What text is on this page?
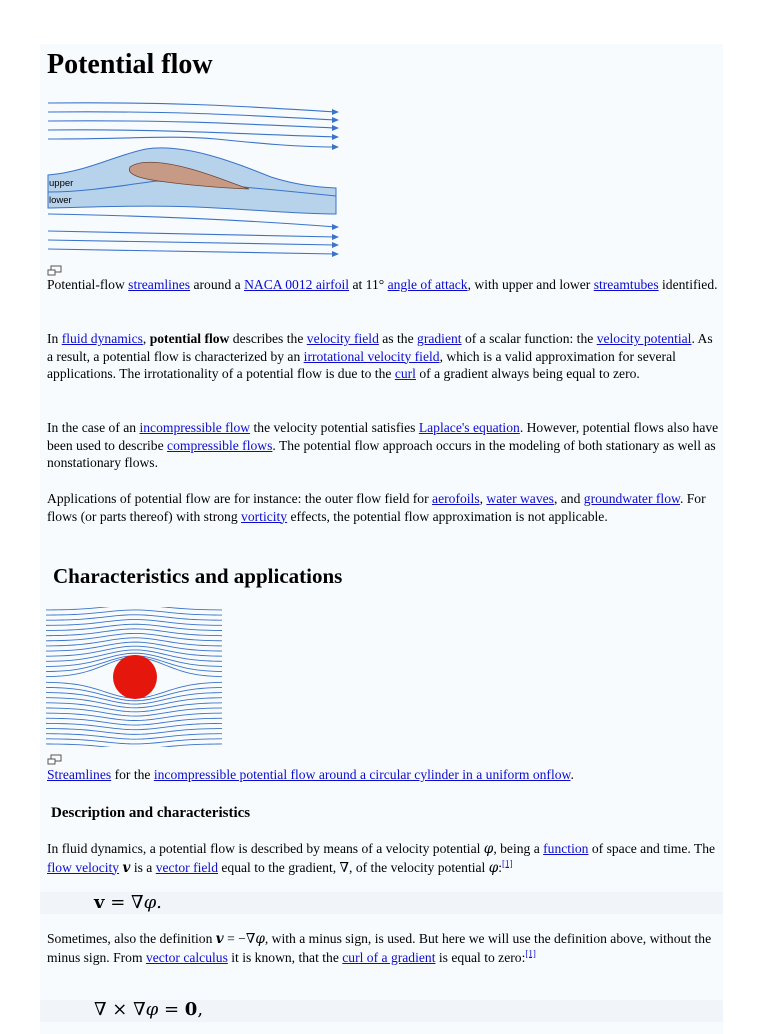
Potential flow
upper
lower

Potential-flow streamlines around a NACA 0012 airfoil at 11° angle of attack, with upper and lower streamtubes identified.

In fluid dynamics, potential flow describes the velocity field as the gradient of a scalar function: the velocity potential. As a result, a potential flow is characterized by an irrotational velocity field, which is a valid approximation for several applications. The irrotationality of a potential flow is due to the curl of a gradient always being equal to zero.

In the case of an incompressible flow the velocity potential satisfies Laplace's equation. However, potential flows also have been used to describe compressible flows. The potential flow approach occurs in the modeling of both stationary as well as nonstationary flows.

Applications of potential flow are for instance: the outer flow field for aerofoils, water waves, and groundwater flow. For flows (or parts thereof) with strong vorticity effects, the potential flow approximation is not applicable.

Characteristics and applications

Streamlines for the incompressible potential flow around a circular cylinder in a uniform onflow.

Description and characteristics

In fluid dynamics, a potential flow is described by means of a velocity potential φ, being a function of space and time. The flow velocity v is a vector field equal to the gradient, ∇, of the velocity potential φ:[1]

v = ∇φ.

Sometimes, also the definition v = −∇φ, with a minus sign, is used. But here we will use the definition above, without the minus sign. From vector calculus it is known, that the curl of a gradient is equal to zero:[1]

∇ × ∇φ = 0,
